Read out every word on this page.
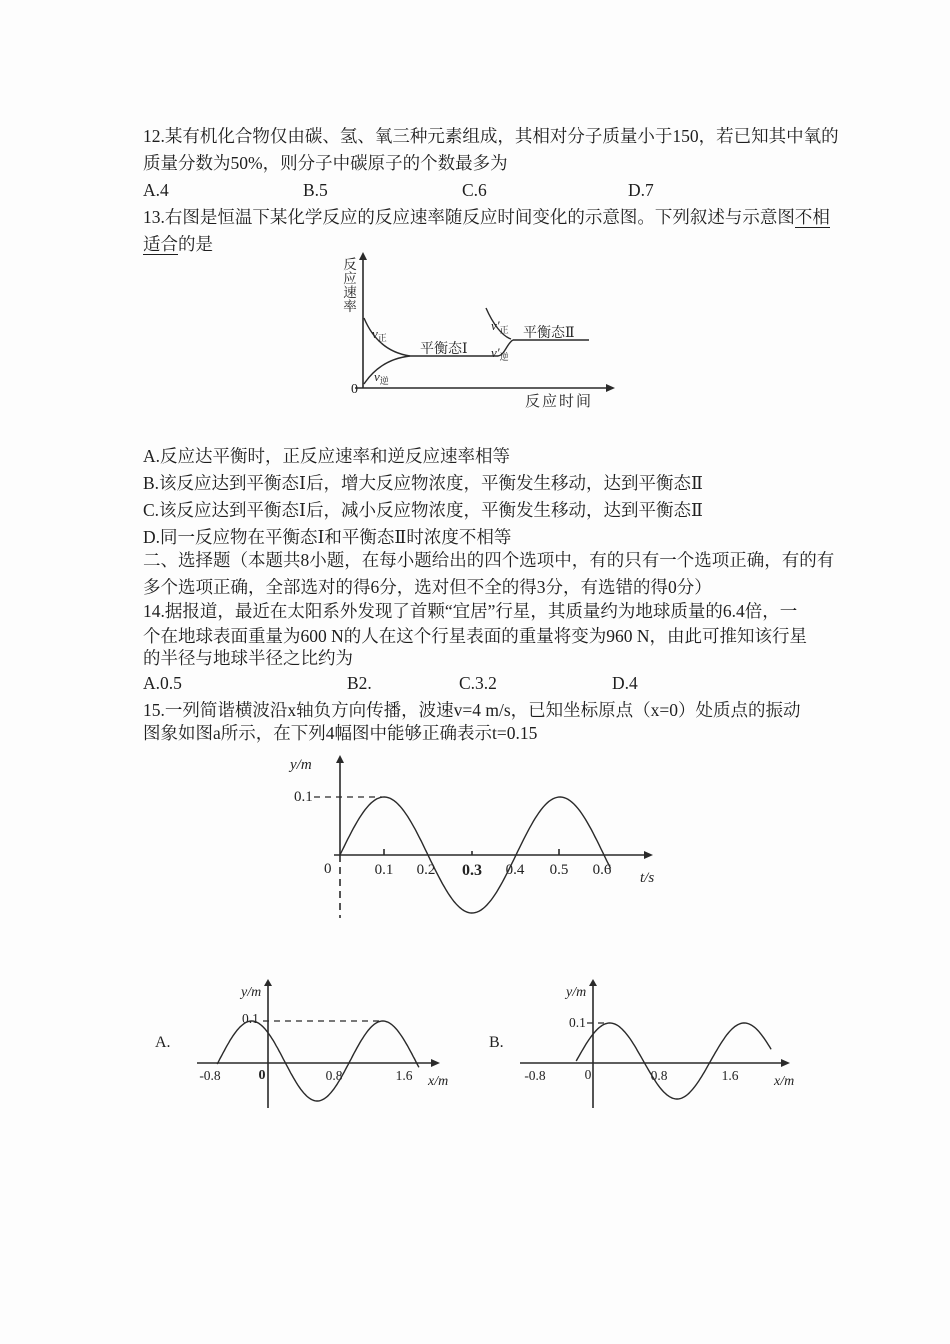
12.某有机化合物仅由碳、氢、氧三种元素组成，其相对分子质量小于150，若已知其中氧的
质量分数为50%，则分子中碳原子的个数最多为
A.4	B.5	C.6	D.7
13.右图是恒温下某化学反应的反应速率随反应时间变化的示意图。下列叙述与示意图不相
适合的是
反
应
速
率
反应时间
0
$v_正$
$v_逆$
$v'_正$
$v'_逆$
平衡态Ⅰ
平衡态Ⅱ
A.反应达平衡时，正反应速率和逆反应速率相等
B.该反应达到平衡态Ⅰ后，增大反应物浓度，平衡发生移动，达到平衡态Ⅱ
C.该反应达到平衡态Ⅰ后，减小反应物浓度，平衡发生移动，达到平衡态Ⅱ
D.同一反应物在平衡态Ⅰ和平衡态Ⅱ时浓度不相等
二、选择题（本题共8小题，在每小题给出的四个选项中，有的只有一个选项正确，有的有
多个选项正确，全部选对的得6分，选对但不全的得3分，有选错的得0分）
14.据报道，最近在太阳系外发现了首颗“宜居”行星，其质量约为地球质量的6.4倍，一
个在地球表面重量为600 N的人在这个行星表面的重量将变为960 N，由此可推知该行星
的半径与地球半径之比约为
A.0.5	B2.	C.3.2	D.4
15.一列简谐横波沿x轴负方向传播，波速v=4 m/s，已知坐标原点（x=0）处质点的振动
图象如图a所示，在下列4幅图中能够正确表示t=0.15
y/m
0.1
0	0.1 0.2 0.3 0.4 0.5 0.6 t/s
A.
y/m
0.1
-0.8	0	0.8	1.6 x/m
B.
y/m
0.1
-0.8	0	0.8	1.6	x/m
